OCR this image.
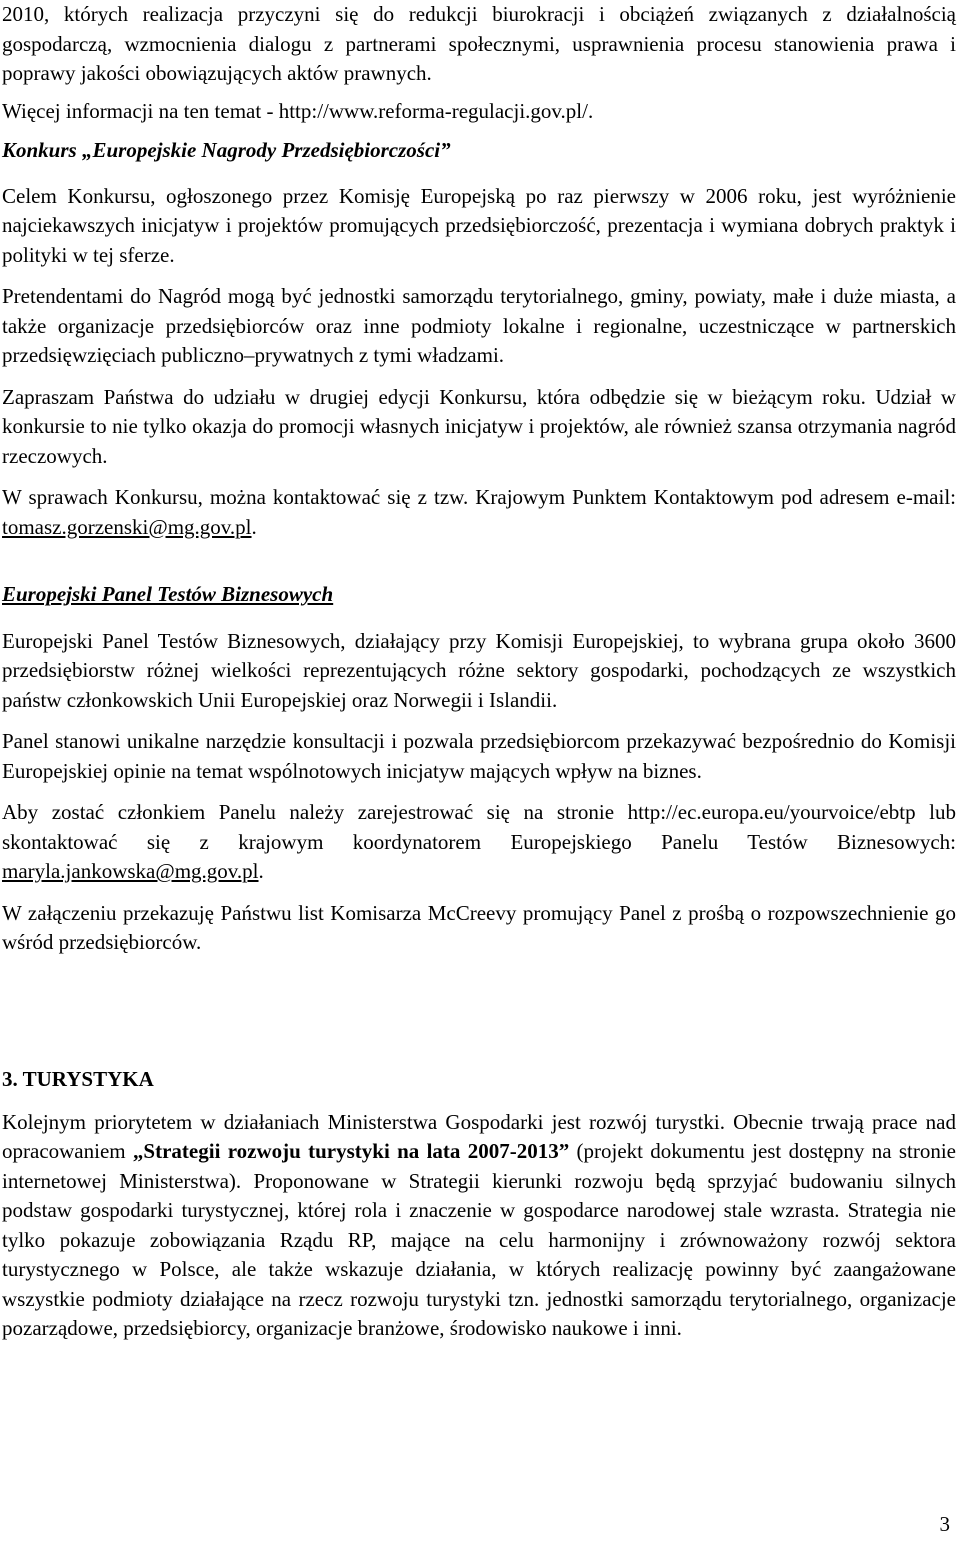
2010, których realizacja przyczyni się do redukcji biurokracji i obciążeń związanych z działalnością gospodarczą, wzmocnienia dialogu z partnerami społecznymi, usprawnienia procesu stanowienia prawa i poprawy jakości obowiązujących aktów prawnych.

Więcej informacji na ten temat - http://www.reforma-regulacji.gov.pl/.

Konkurs „Europejskie Nagrody Przedsiębiorczości”

Celem Konkursu, ogłoszonego przez Komisję Europejską po raz pierwszy w 2006 roku, jest wyróżnienie najciekawszych inicjatyw i projektów promujących przedsiębiorczość, prezentacja i wymiana dobrych praktyk i polityki w tej sferze.

Pretendentami do Nagród mogą być jednostki samorządu terytorialnego, gminy, powiaty, małe i duże miasta, a także organizacje przedsiębiorców oraz inne podmioty lokalne i regionalne, uczestniczące w partnerskich przedsięwzięciach publiczno–prywatnych z tymi władzami.

Zapraszam Państwa do udziału w drugiej edycji Konkursu, która odbędzie się w bieżącym roku. Udział w konkursie to nie tylko okazja do promocji własnych inicjatyw i projektów, ale również szansa otrzymania nagród rzeczowych.

W sprawach Konkursu, można kontaktować się z tzw. Krajowym Punktem Kontaktowym pod adresem e-mail: tomasz.gorzenski@mg.gov.pl.

Europejski Panel Testów Biznesowych

Europejski Panel Testów Biznesowych, działający przy Komisji Europejskiej, to wybrana grupa około 3600 przedsiębiorstw różnej wielkości reprezentujących różne sektory gospodarki, pochodzących ze wszystkich państw członkowskich Unii Europejskiej oraz Norwegii i Islandii.

Panel stanowi unikalne narzędzie konsultacji i pozwala przedsiębiorcom przekazywać bezpośrednio do Komisji Europejskiej opinie na temat wspólnotowych inicjatyw mających wpływ na biznes.

Aby zostać członkiem Panelu należy zarejestrować się na stronie http://ec.europa.eu/yourvoice/ebtp lub skontaktować się z krajowym koordynatorem Europejskiego Panelu Testów Biznesowych: maryla.jankowska@mg.gov.pl.

W załączeniu przekazuję Państwu list Komisarza McCreevy promujący Panel z prośbą o rozpowszechnienie go wśród przedsiębiorców.

3. TURYSTYKA

Kolejnym priorytetem w działaniach Ministerstwa Gospodarki jest rozwój turystki. Obecnie trwają prace nad opracowaniem „Strategii rozwoju turystyki na lata 2007-2013” (projekt dokumentu jest dostępny na stronie internetowej Ministerstwa). Proponowane w Strategii kierunki rozwoju będą sprzyjać budowaniu silnych podstaw gospodarki turystycznej, której rola i znaczenie w gospodarce narodowej stale wzrasta. Strategia nie tylko pokazuje zobowiązania Rządu RP, mające na celu harmonijny i zrównoważony rozwój sektora turystycznego w Polsce, ale także wskazuje działania, w których realizację powinny być zaangażowane wszystkie podmioty działające na rzecz rozwoju turystyki tzn. jednostki samorządu terytorialnego, organizacje pozarządowe, przedsiębiorcy, organizacje branżowe, środowisko naukowe i inni.

3
